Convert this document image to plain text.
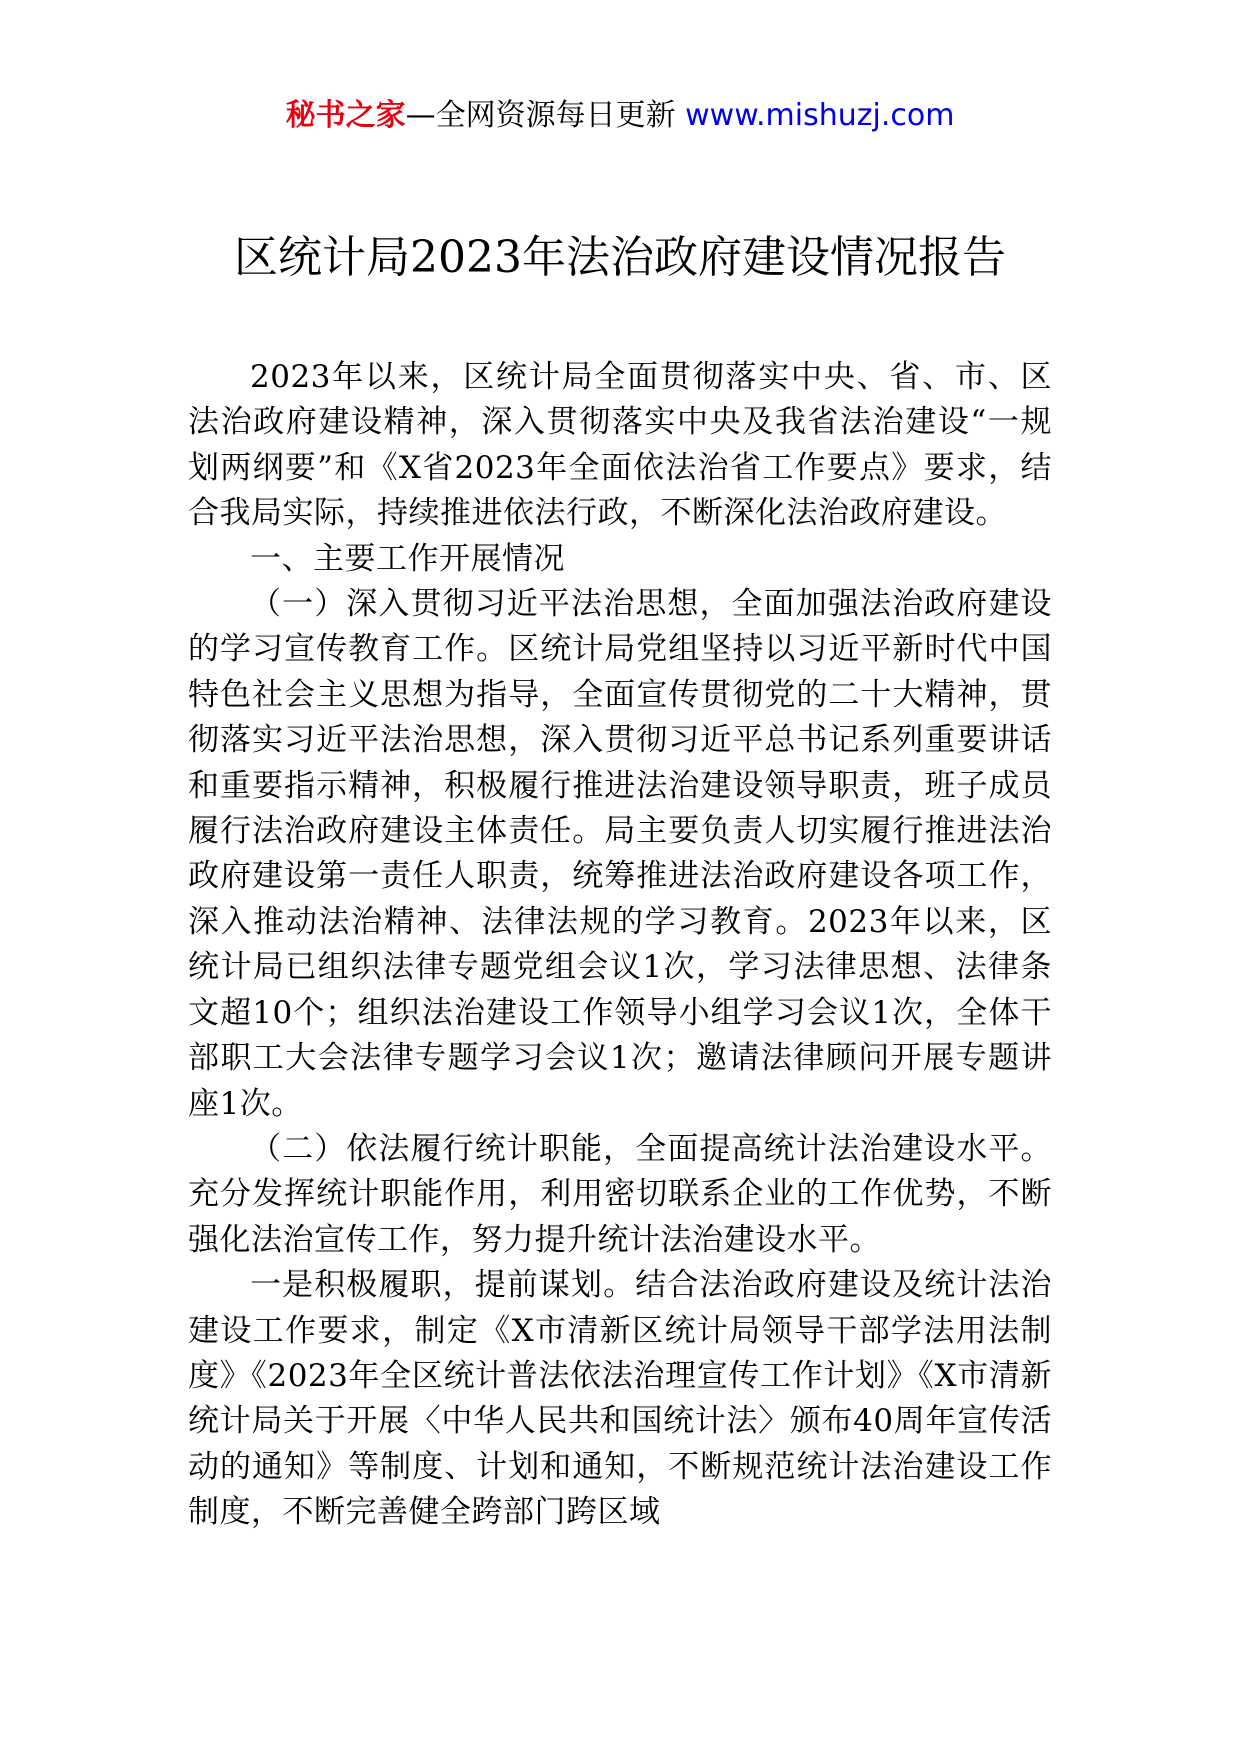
秘书之家—全网资源每日更新 www.mishuzj.com
区统计局2023年法治政府建设情况报告

2023年以来，区统计局全面贯彻落实中央、省、市、区法治政府建设精神，深入贯彻落实中央及我省法治建设“一规划两纲要”和《X省2023年全面依法治省工作要点》要求，结合我局实际，持续推进依法行政，不断深化法治政府建设。

一、主要工作开展情况

（一）深入贯彻习近平法治思想，全面加强法治政府建设的学习宣传教育工作。区统计局党组坚持以习近平新时代中国特色社会主义思想为指导，全面宣传贯彻党的二十大精神，贯彻落实习近平法治思想，深入贯彻习近平总书记系列重要讲话和重要指示精神，积极履行推进法治建设领导职责，班子成员履行法治政府建设主体责任。局主要负责人切实履行推进法治政府建设第一责任人职责，统筹推进法治政府建设各项工作，深入推动法治精神、法律法规的学习教育。2023年以来，区统计局已组织法律专题党组会议1次，学习法律思想、法律条文超10个；组织法治建设工作领导小组学习会议1次，全体干部职工大会法律专题学习会议1次；邀请法律顾问开展专题讲座1次。

（二）依法履行统计职能，全面提高统计法治建设水平。充分发挥统计职能作用，利用密切联系企业的工作优势，不断强化法治宣传工作，努力提升统计法治建设水平。

一是积极履职，提前谋划。结合法治政府建设及统计法治建设工作要求，制定《X市清新区统计局领导干部学法用法制度》《2023年全区统计普法依法治理宣传工作计划》《X市清新统计局关于开展〈中华人民共和国统计法〉颁布40周年宣传活动的通知》等制度、计划和通知，不断规范统计法治建设工作制度，不断完善健全跨部门跨区域
